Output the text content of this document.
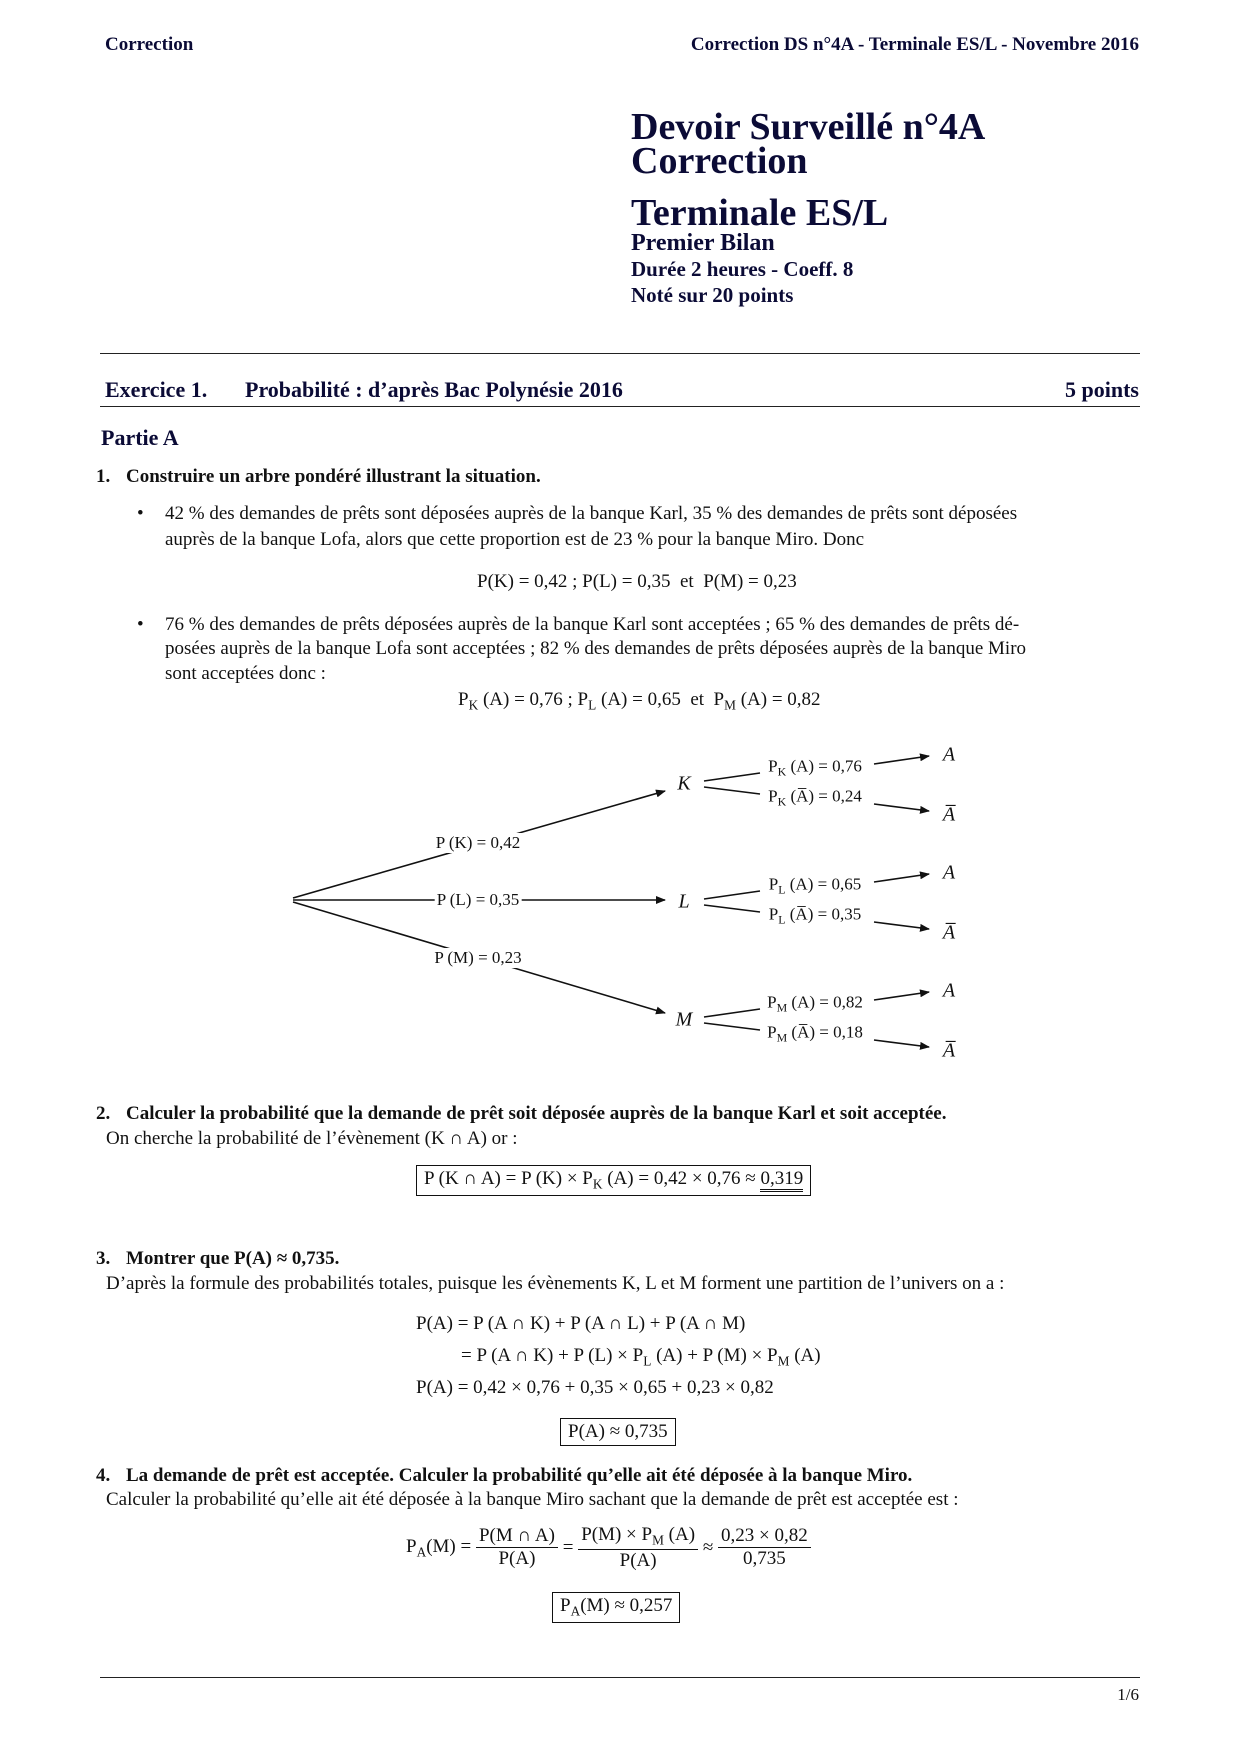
Correction	Correction DS n°4A - Terminale ES/L - Novembre 2016
Devoir Surveillé n°4A
Correction
Terminale ES/L
Premier Bilan
Durée 2 heures - Coeff. 8
Noté sur 20 points
Exercice 1. Probabilité : d’après Bac Polynésie 2016	5 points
Partie A
1. Construire un arbre pondéré illustrant la situation.
• 42 % des demandes de prêts sont déposées auprès de la banque Karl, 35 % des demandes de prêts sont déposées
auprès de la banque Lofa, alors que cette proportion est de 23 % pour la banque Miro. Donc
P(K) = 0,42 ; P(L) = 0,35  et  P(M) = 0,23
• 76 % des demandes de prêts déposées auprès de la banque Karl sont acceptées ; 65 % des demandes de prêts dé-
posées auprès de la banque Lofa sont acceptées ; 82 % des demandes de prêts déposées auprès de la banque Miro
sont acceptées donc :
$P_K$ (A) = 0,76 ; $P_L$ (A) = 0,65  et  $P_M$ (A) = 0,82
P (K) = 0,42
P (L) = 0,35
P (M) = 0,23
K
L
M
$P_K$ (A) = 0,76
$P_K$ (A̅) = 0,24
A
A̅
$P_L$ (A) = 0,65
$P_L$ (A̅) = 0,35
A
A̅
$P_M$ (A) = 0,82
$P_M$ (A̅) = 0,18
A
A̅
2. Calculer la probabilité que la demande de prêt soit déposée auprès de la banque Karl et soit acceptée.
On cherche la probabilité de l’évènement (K ∩ A) or :
P (K ∩ A) = P $(K) \times P_K$ (A) = 0,42 × 0,76 ≈ 0,319
3. Montrer que P(A) ≈ 0,735.
D’après la formule des probabilités totales, puisque les évènements K, L et M forment une partition de l’univers on a :
P(A) = P (A ∩ K) + P (A ∩ L) + P (A ∩ M)
= P (A ∩ K) + P $(L) \times P_L$ (A) + P $(M) \times P_M$ (A)
P(A) = 0,42 × 0,76 + 0,35 × 0,65 + 0,23 × 0,82
P(A) ≈ 0,735
4. La demande de prêt est acceptée. Calculer la probabilité qu’elle ait été déposée à la banque Miro.
Calculer la probabilité qu’elle ait été déposée à la banque Miro sachant que la demande de prêt est acceptée est :
$P_A(M) = \frac{P(M \cap A)}{P(A)} = \frac{P(M) \times P_M (A)}{P(A)} \approx \frac{0,23 \times 0,82}{0,735}$
$P_A(M) \approx 0,257$
1/6
